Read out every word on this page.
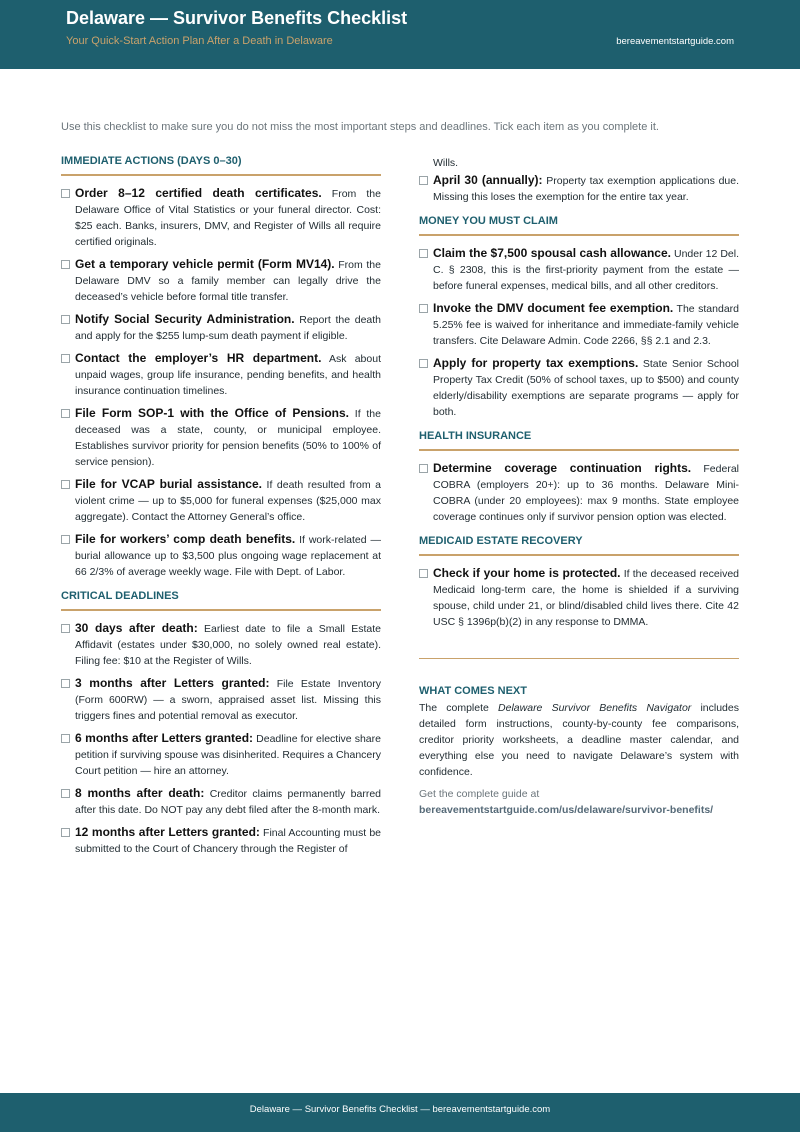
Delaware — Survivor Benefits Checklist
Your Quick-Start Action Plan After a Death in Delaware	bereavementstartguide.com
Use this checklist to make sure you do not miss the most important steps and deadlines. Tick each item as you complete it.
IMMEDIATE ACTIONS (DAYS 0–30)
Order 8–12 certified death certificates. From the Delaware Office of Vital Statistics or your funeral director. Cost: $25 each. Banks, insurers, DMV, and Register of Wills all require certified originals.
Get a temporary vehicle permit (Form MV14). From the Delaware DMV so a family member can legally drive the deceased’s vehicle before formal title transfer.
Notify Social Security Administration. Report the death and apply for the $255 lump-sum death payment if eligible.
Contact the employer’s HR department. Ask about unpaid wages, group life insurance, pending benefits, and health insurance continuation timelines.
File Form SOP-1 with the Office of Pensions. If the deceased was a state, county, or municipal employee. Establishes survivor priority for pension benefits (50% to 100% of service pension).
File for VCAP burial assistance. If death resulted from a violent crime — up to $5,000 for funeral expenses ($25,000 max aggregate). Contact the Attorney General’s office.
File for workers’ comp death benefits. If work-related — burial allowance up to $3,500 plus ongoing wage replacement at 66 2/3% of average weekly wage. File with Dept. of Labor.
CRITICAL DEADLINES
30 days after death: Earliest date to file a Small Estate Affidavit (estates under $30,000, no solely owned real estate). Filing fee: $10 at the Register of Wills.
3 months after Letters granted: File Estate Inventory (Form 600RW) — a sworn, appraised asset list. Missing this triggers fines and potential removal as executor.
6 months after Letters granted: Deadline for elective share petition if surviving spouse was disinherited. Requires a Chancery Court petition — hire an attorney.
8 months after death: Creditor claims permanently barred after this date. Do NOT pay any debt filed after the 8-month mark.
12 months after Letters granted: Final Accounting must be submitted to the Court of Chancery through the Register of
Wills.
April 30 (annually): Property tax exemption applications due. Missing this loses the exemption for the entire tax year.
MONEY YOU MUST CLAIM
Claim the $7,500 spousal cash allowance. Under 12 Del. C. § 2308, this is the first-priority payment from the estate — before funeral expenses, medical bills, and all other creditors.
Invoke the DMV document fee exemption. The standard 5.25% fee is waived for inheritance and immediate-family vehicle transfers. Cite Delaware Admin. Code 2266, §§ 2.1 and 2.3.
Apply for property tax exemptions. State Senior School Property Tax Credit (50% of school taxes, up to $500) and county elderly/disability exemptions are separate programs — apply for both.
HEALTH INSURANCE
Determine coverage continuation rights. Federal COBRA (employers 20+): up to 36 months. Delaware Mini-COBRA (under 20 employees): max 9 months. State employee coverage continues only if survivor pension option was elected.
MEDICAID ESTATE RECOVERY
Check if your home is protected. If the deceased received Medicaid long-term care, the home is shielded if a surviving spouse, child under 21, or blind/disabled child lives there. Cite 42 USC § 1396p(b)(2) in any response to DMMA.
WHAT COMES NEXT
The complete Delaware Survivor Benefits Navigator includes detailed form instructions, county-by-county fee comparisons, creditor priority worksheets, a deadline master calendar, and everything else you need to navigate Delaware’s system with confidence.
Get the complete guide at
bereavementstartguide.com/us/delaware/survivor-benefits/
Delaware — Survivor Benefits Checklist — bereavementstartguide.com
